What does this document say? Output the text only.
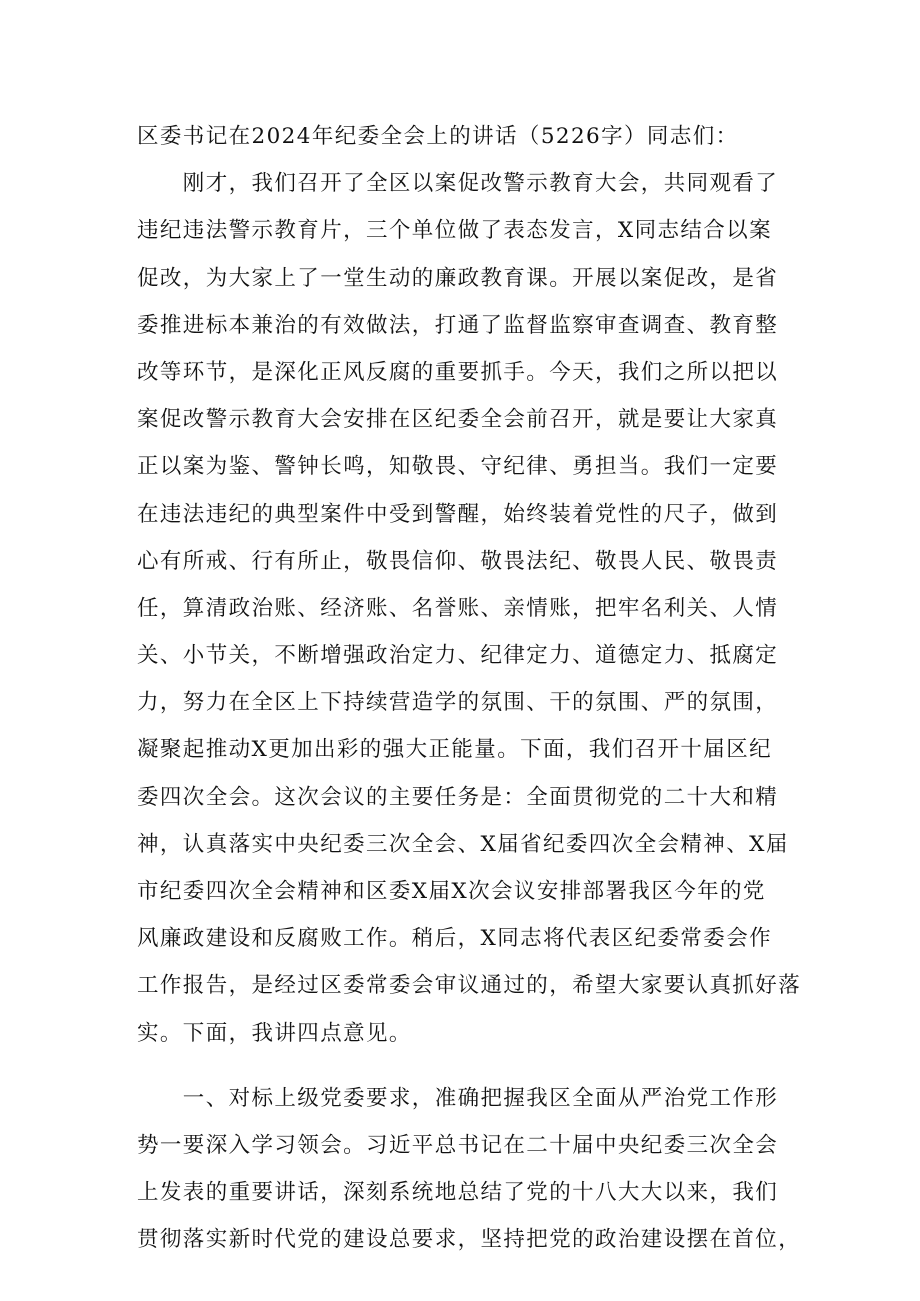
区委书记在2024年纪委全会上的讲话（5226字）同志们：
　　刚才，我们召开了全区以案促改警示教育大会，共同观看了
违纪违法警示教育片，三个单位做了表态发言，X同志结合以案
促改，为大家上了一堂生动的廉政教育课。开展以案促改，是省
委推进标本兼治的有效做法，打通了监督监察审查调查、教育整
改等环节，是深化正风反腐的重要抓手。今天，我们之所以把以
案促改警示教育大会安排在区纪委全会前召开，就是要让大家真
正以案为鉴、警钟长鸣，知敬畏、守纪律、勇担当。我们一定要
在违法违纪的典型案件中受到警醒，始终装着党性的尺子，做到
心有所戒、行有所止，敬畏信仰、敬畏法纪、敬畏人民、敬畏责
任，算清政治账、经济账、名誉账、亲情账，把牢名利关、人情
关、小节关，不断增强政治定力、纪律定力、道德定力、抵腐定
力，努力在全区上下持续营造学的氛围、干的氛围、严的氛围，
凝聚起推动X更加出彩的强大正能量。下面，我们召开十届区纪
委四次全会。这次会议的主要任务是：全面贯彻党的二十大和精
神，认真落实中央纪委三次全会、X届省纪委四次全会精神、X届
市纪委四次全会精神和区委X届X次会议安排部署我区今年的党
风廉政建设和反腐败工作。稍后，X同志将代表区纪委常委会作
工作报告，是经过区委常委会审议通过的，希望大家要认真抓好落
实。下面，我讲四点意见。
　　一、对标上级党委要求，准确把握我区全面从严治党工作形
势一要深入学习领会。习近平总书记在二十届中央纪委三次全会
上发表的重要讲话，深刻系统地总结了党的十八大大以来，我们
贯彻落实新时代党的建设总要求，坚持把党的政治建设摆在首位，
